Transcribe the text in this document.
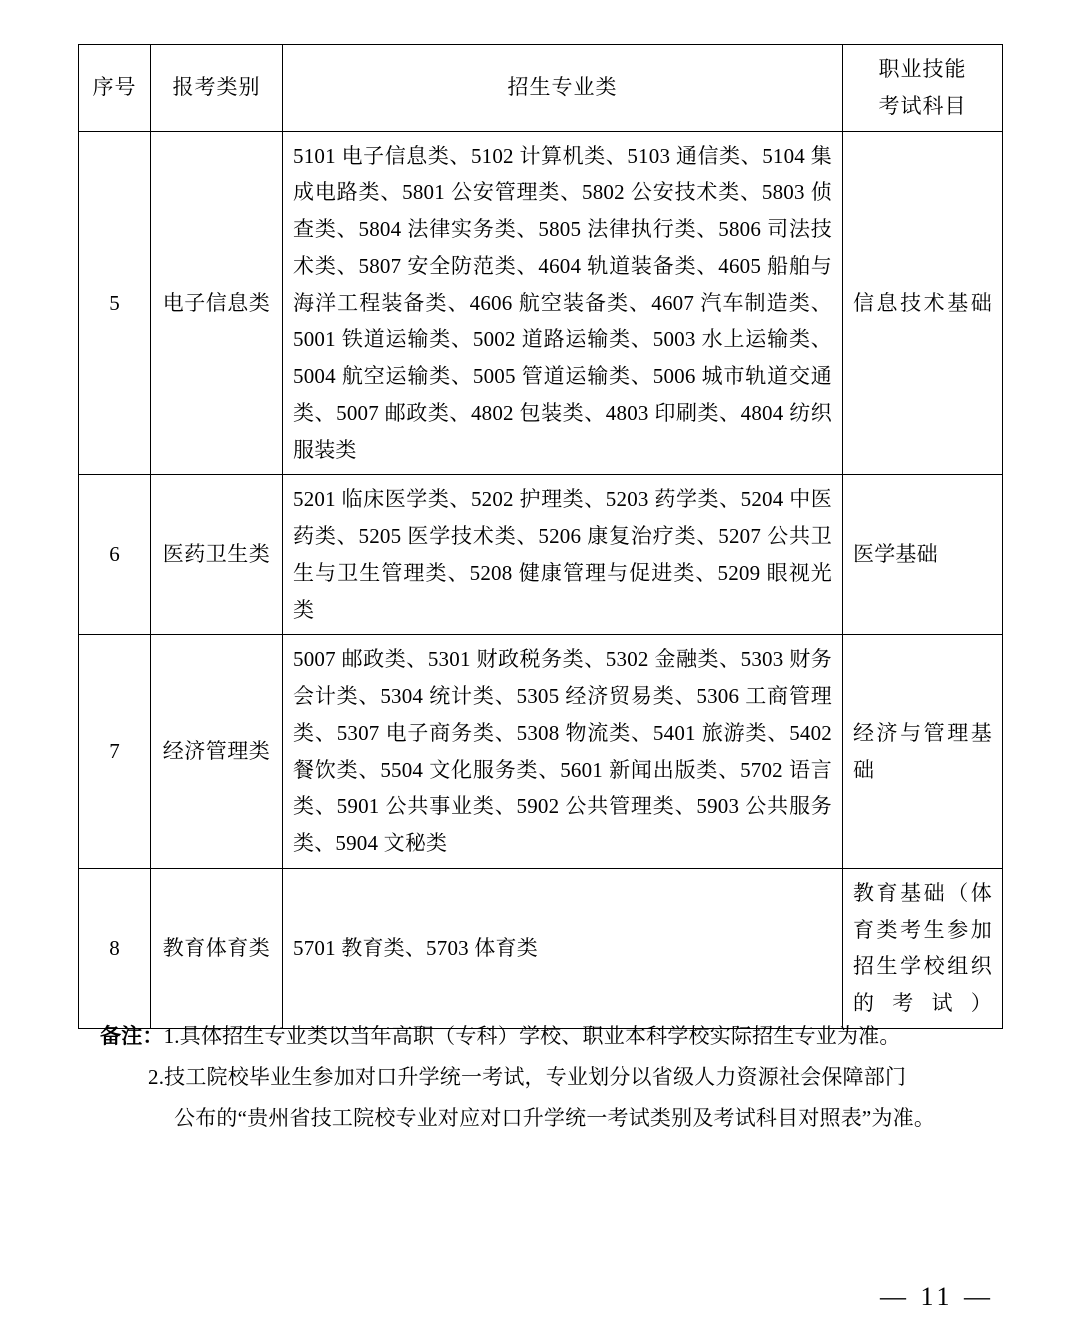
序号	报考类别	招生专业类	职业技能
考试科目

5	电子信息类	5101 电子信息类、5102 计算机类、5103 通信类、5104 集成电路类、5801 公安管理类、5802 公安技术类、5803 侦查类、5804 法律实务类、5805 法律执行类、5806 司法技术类、5807 安全防范类、4604 轨道装备类、4605 船舶与海洋工程装备类、4606 航空装备类、4607 汽车制造类、5001 铁道运输类、5002 道路运输类、5003 水上运输类、5004 航空运输类、5005 管道运输类、5006 城市轨道交通类、5007 邮政类、4802 包装类、4803 印刷类、4804 纺织服装类	信息技术基础
6	医药卫生类	5201 临床医学类、5202 护理类、5203 药学类、5204 中医药类、5205 医学技术类、5206 康复治疗类、5207 公共卫生与卫生管理类、5208 健康管理与促进类、5209 眼视光类	医学基础
7	经济管理类	5007 邮政类、5301 财政税务类、5302 金融类、5303 财务会计类、5304 统计类、5305 经济贸易类、5306 工商管理类、5307 电子商务类、5308 物流类、5401 旅游类、5402 餐饮类、5504 文化服务类、5601 新闻出版类、5702 语言类、5901 公共事业类、5902 公共管理类、5903 公共服务类、5904 文秘类	经济与管理基础
8	教育体育类	5701 教育类、5703 体育类	教育基础（体育类考生参加招生学校组织的考试）
备注：1.具体招生专业类以当年高职（专科）学校、职业本科学校实际招生专业为准。
2.技工院校毕业生参加对口升学统一考试，专业划分以省级人力资源社会保障部门
公布的“贵州省技工院校专业对应对口升学统一考试类别及考试科目对照表”为准。
— 11 —
